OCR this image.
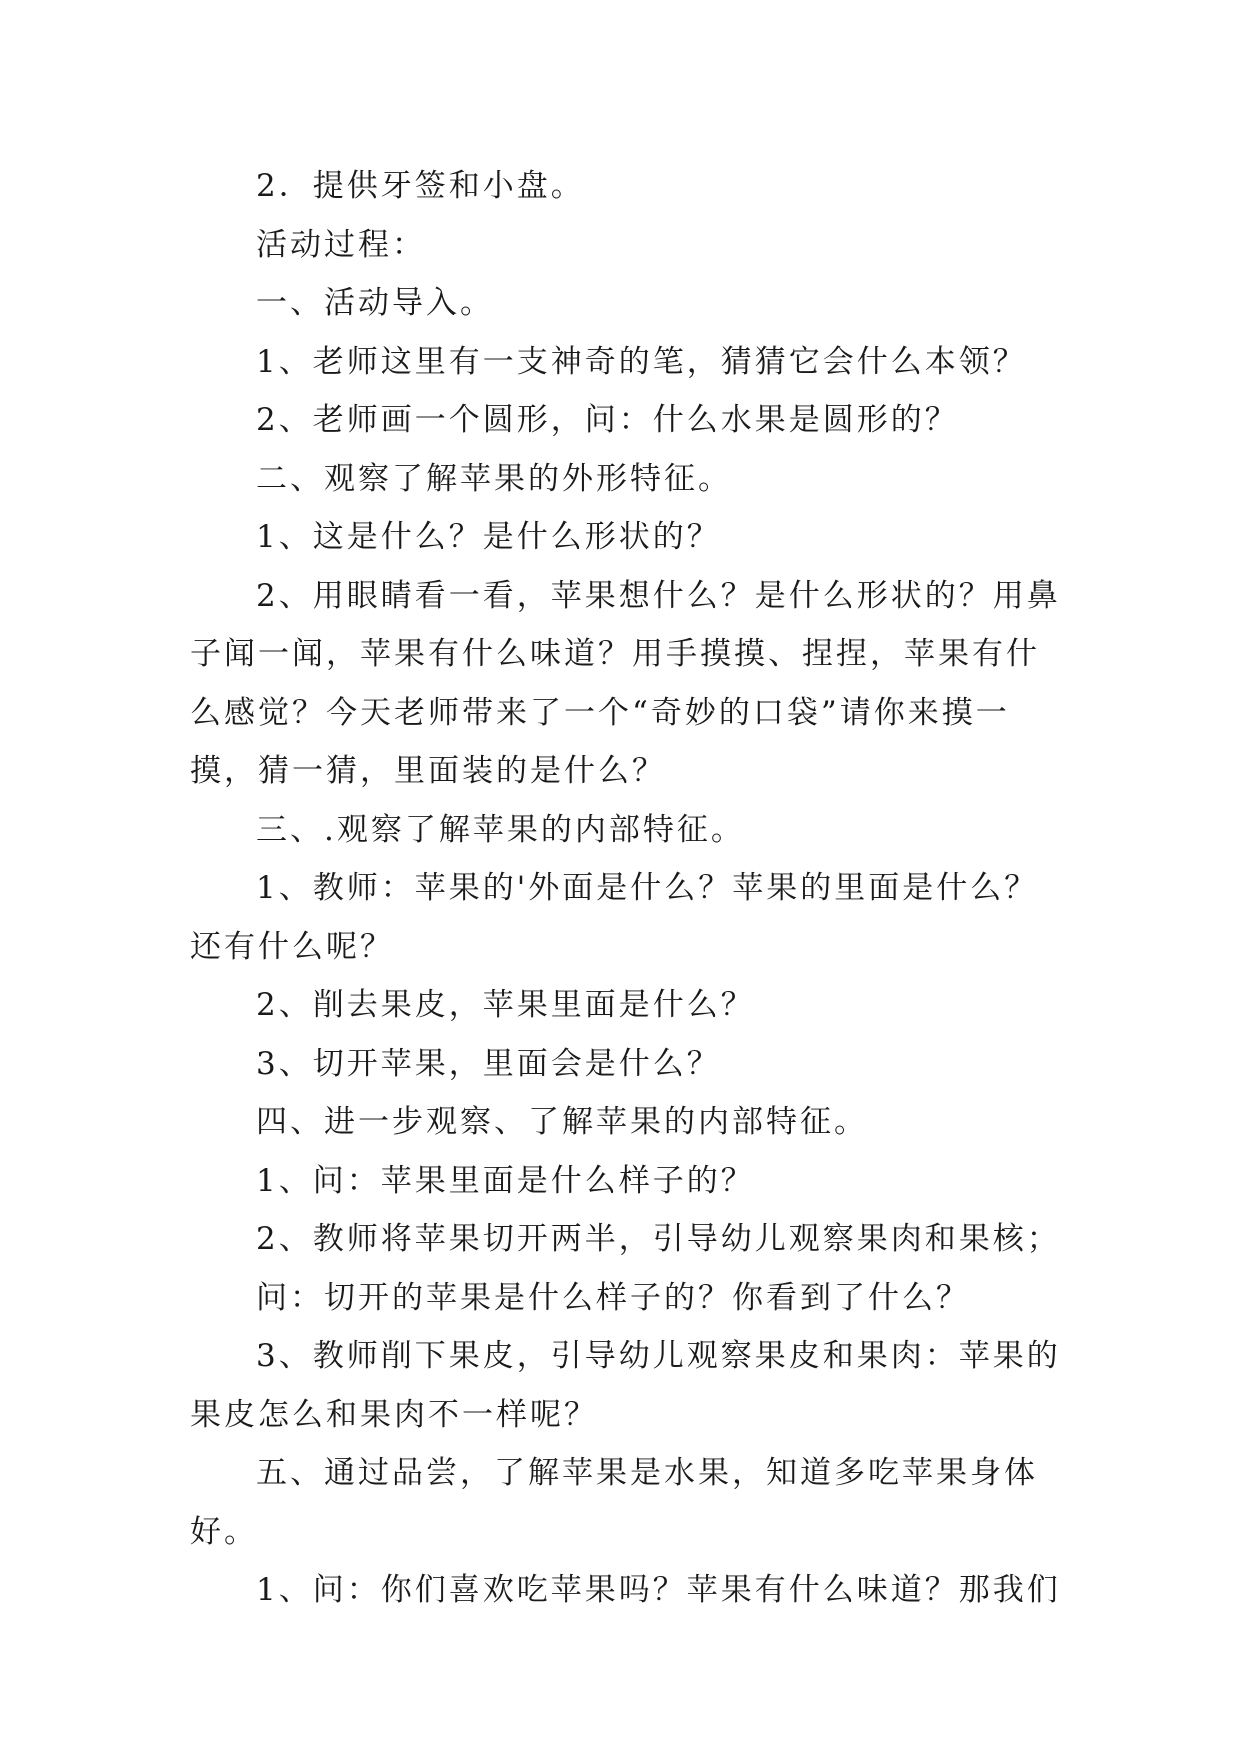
2．提供牙签和小盘。

活动过程：

一、活动导入。

1、老师这里有一支神奇的笔，猜猜它会什么本领？

2、老师画一个圆形，问：什么水果是圆形的？

二、观察了解苹果的外形特征。

1、这是什么？是什么形状的？

2、用眼睛看一看，苹果想什么？是什么形状的？用鼻子闻一闻，苹果有什么味道？用手摸摸、捏捏，苹果有什么感觉？今天老师带来了一个“奇妙的口袋”请你来摸一摸，猜一猜，里面装的是什么？

三、.观察了解苹果的内部特征。

1、教师：苹果的'外面是什么？苹果的里面是什么？还有什么呢？

2、削去果皮，苹果里面是什么？

3、切开苹果，里面会是什么？

四、进一步观察、了解苹果的内部特征。

1、问：苹果里面是什么样子的？

2、教师将苹果切开两半，引导幼儿观察果肉和果核；

问：切开的苹果是什么样子的？你看到了什么？

3、教师削下果皮，引导幼儿观察果皮和果肉：苹果的果皮怎么和果肉不一样呢？

五、通过品尝，了解苹果是水果，知道多吃苹果身体好。

1、问：你们喜欢吃苹果吗？苹果有什么味道？那我们
